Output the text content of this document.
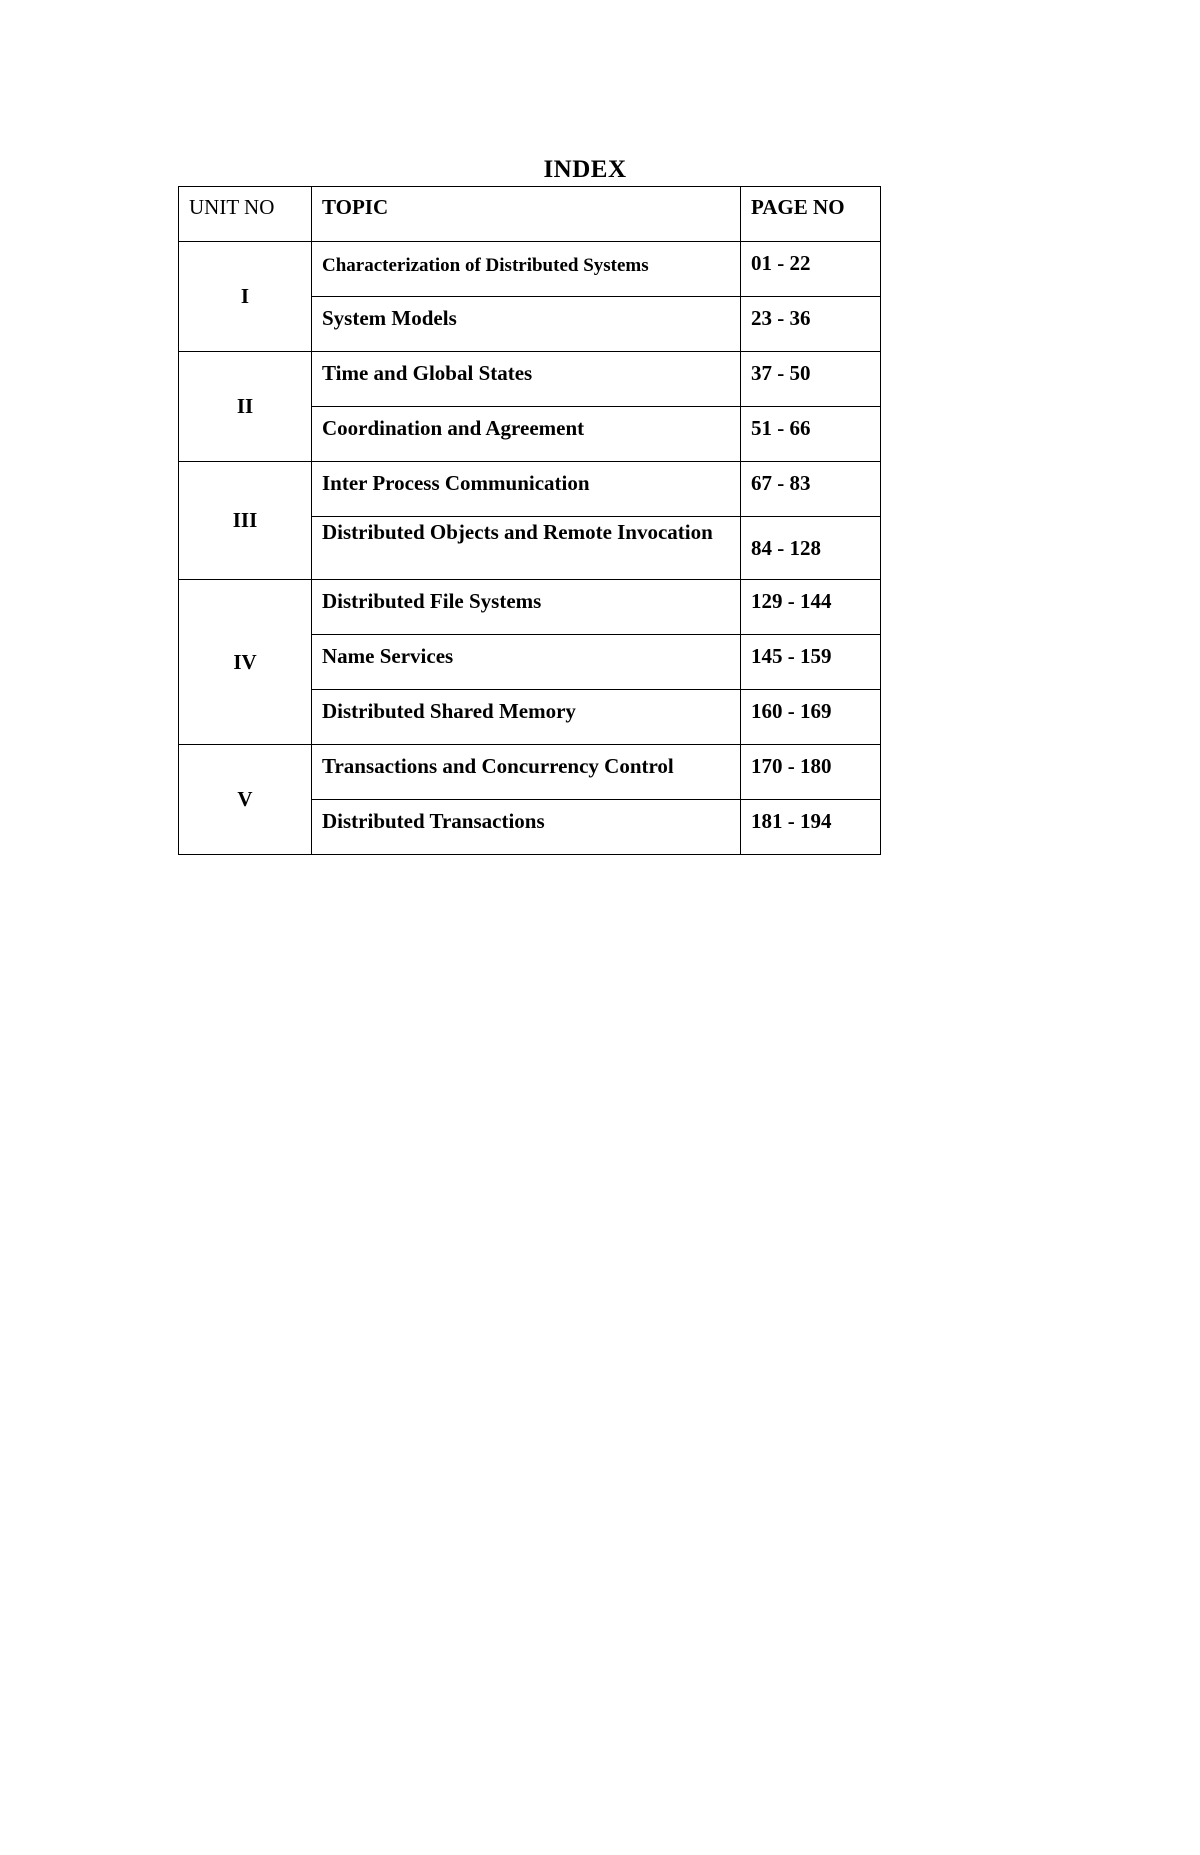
INDEX
UNIT NO	TOPIC	PAGE NO
I	Characterization of Distributed Systems	01 - 22
	System Models	23 - 36
II	Time and Global States	37 - 50
	Coordination and Agreement	51 - 66
III	Inter Process Communication	67 - 83
	Distributed Objects and Remote Invocation	84 - 128
IV	Distributed File Systems	129 - 144
	Name Services	145 - 159
	Distributed Shared Memory	160 - 169
V	Transactions and Concurrency Control	170 - 180
	Distributed Transactions	181 - 194
